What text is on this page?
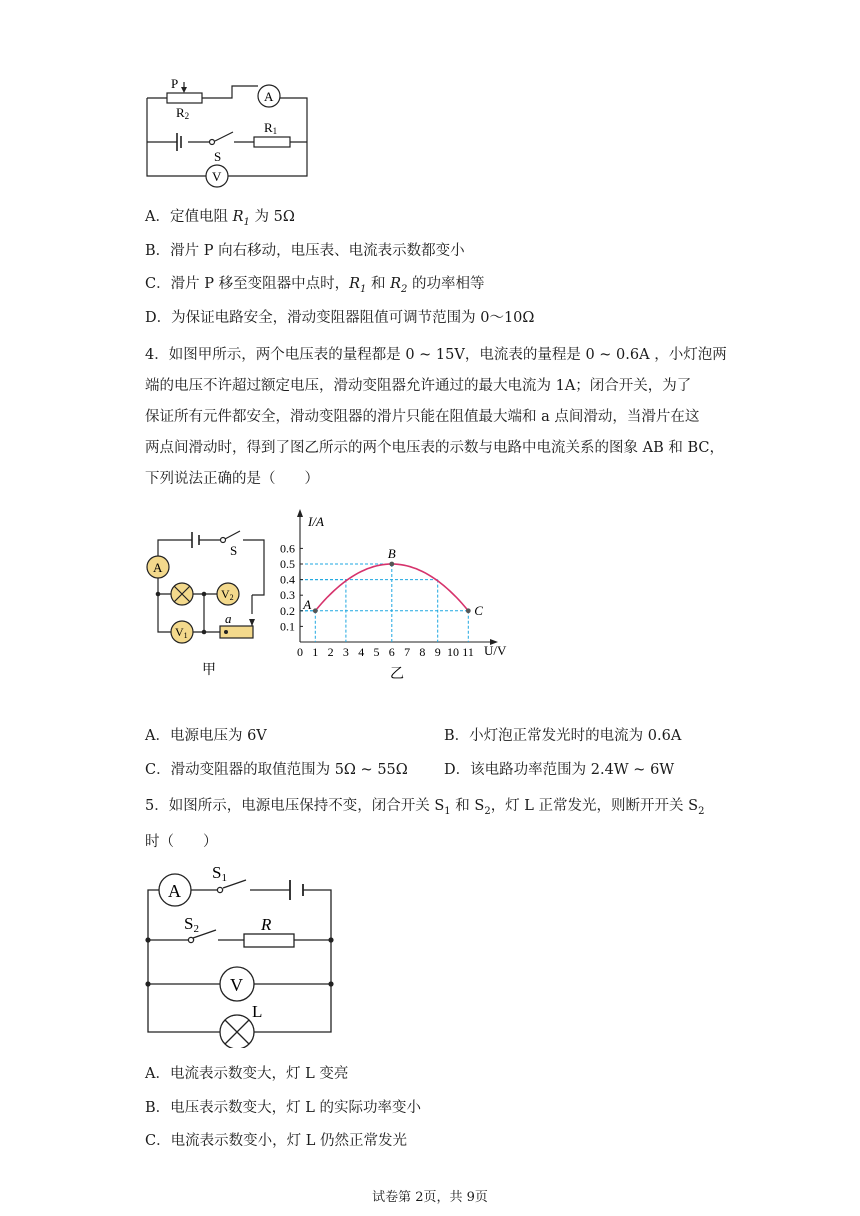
P
R2
A
R1
S
V
A．定值电阻 $R_1$ 为 5Ω
B．滑片 P 向右移动，电压表、电流表示数都变小
C．滑片 P 移至变阻器中点时，$R_1$ 和 $R_2$ 的功率相等
D．为保证电路安全，滑动变阻器阻值可调节范围为 0～10Ω
4．如图甲所示，两个电压表的量程都是 0 ~ 15V，电流表的量程是 0 ~ 0.6A ，小灯泡两
端的电压不许超过额定电压，滑动变阻器允许通过的最大电流为 1A；闭合开关，为了
保证所有元件都安全，滑动变阻器的滑片只能在阻值最大端和 a 点间滑动，当滑片在这
两点间滑动时，得到了图乙所示的两个电压表的示数与电路中电流关系的图象 AB 和 BC，
下列说法正确的是（　　）
A
S
V2
V1
a
甲
I/A
U/V
0 1 2 3 4 5 6 7 8 9 10 11
0.1
0.2
0.3
0.4
0.5
0.6
A
B
C
乙
A．电源电压为 6V	B．小灯泡正常发光时的电流为 0.6A
C．滑动变阻器的取值范围为 5Ω ~ 55Ω D．该电路功率范围为 2.4W ~ 6W
5．如图所示，电源电压保持不变，闭合开关 $S_1$ 和 $S_2$，灯 L 正常发光，则断开开关 $S_2$
时（　　）
A
S1
S2	R
V
L
A．电流表示数变大，灯 L 变亮
B．电压表示数变大，灯 L 的实际功率变小
C．电流表示数变小，灯 L 仍然正常发光
试卷第 2页，共 9页
